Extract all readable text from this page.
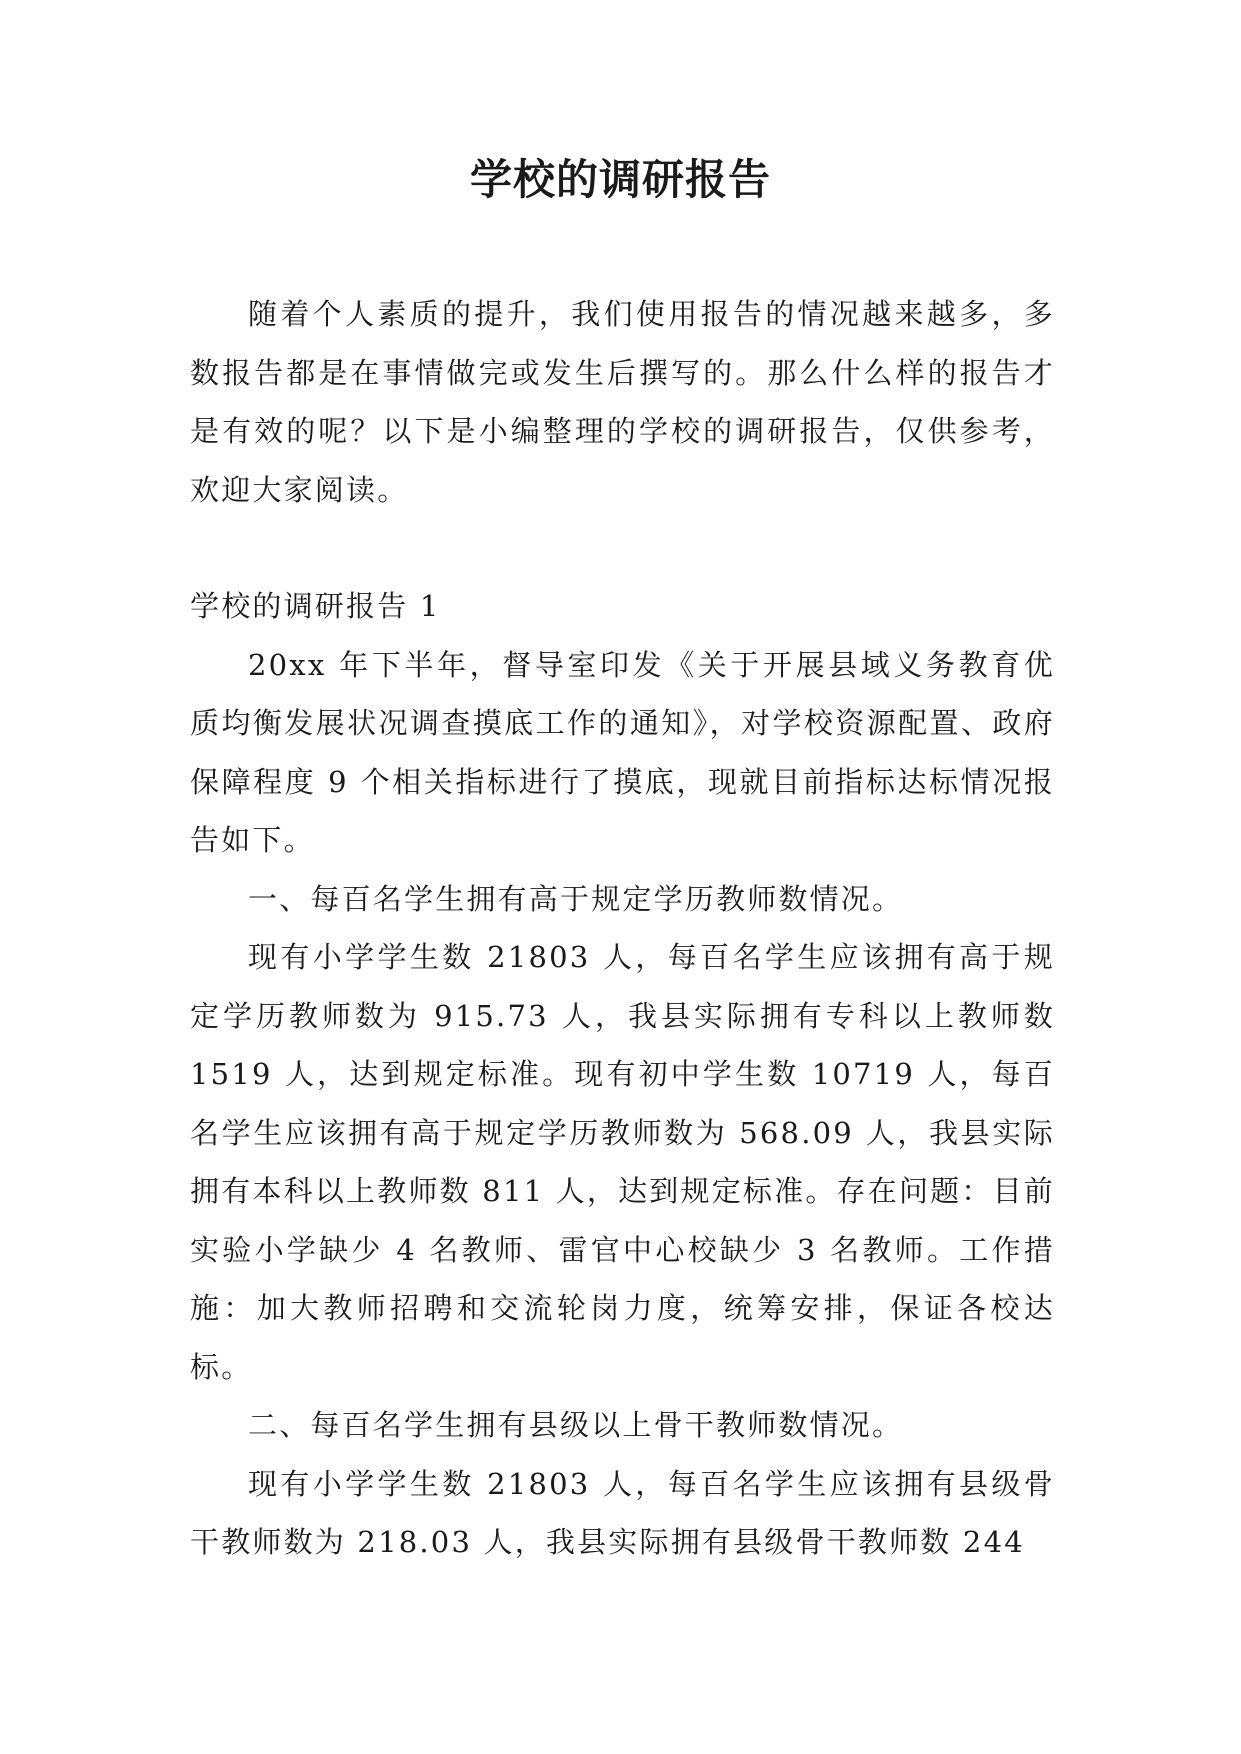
学校的调研报告

随着个人素质的提升，我们使用报告的情况越来越多，多数报告都是在事情做完或发生后撰写的。那么什么样的报告才是有效的呢？以下是小编整理的学校的调研报告，仅供参考，欢迎大家阅读。

学校的调研报告 1

20xx 年下半年，督导室印发《关于开展县域义务教育优质均衡发展状况调查摸底工作的通知》，对学校资源配置、政府保障程度 9 个相关指标进行了摸底，现就目前指标达标情况报告如下。

一、每百名学生拥有高于规定学历教师数情况。

现有小学学生数 21803 人，每百名学生应该拥有高于规定学历教师数为 915.73 人，我县实际拥有专科以上教师数 1519 人，达到规定标准。现有初中学生数 10719 人，每百名学生应该拥有高于规定学历教师数为 568.09 人，我县实际拥有本科以上教师数 811 人，达到规定标准。存在问题：目前实验小学缺少 4 名教师、雷官中心校缺少 3 名教师。工作措施：加大教师招聘和交流轮岗力度，统筹安排，保证各校达标。

二、每百名学生拥有县级以上骨干教师数情况。

现有小学学生数 21803 人，每百名学生应该拥有县级骨干教师数为 218.03 人，我县实际拥有县级骨干教师数 244
